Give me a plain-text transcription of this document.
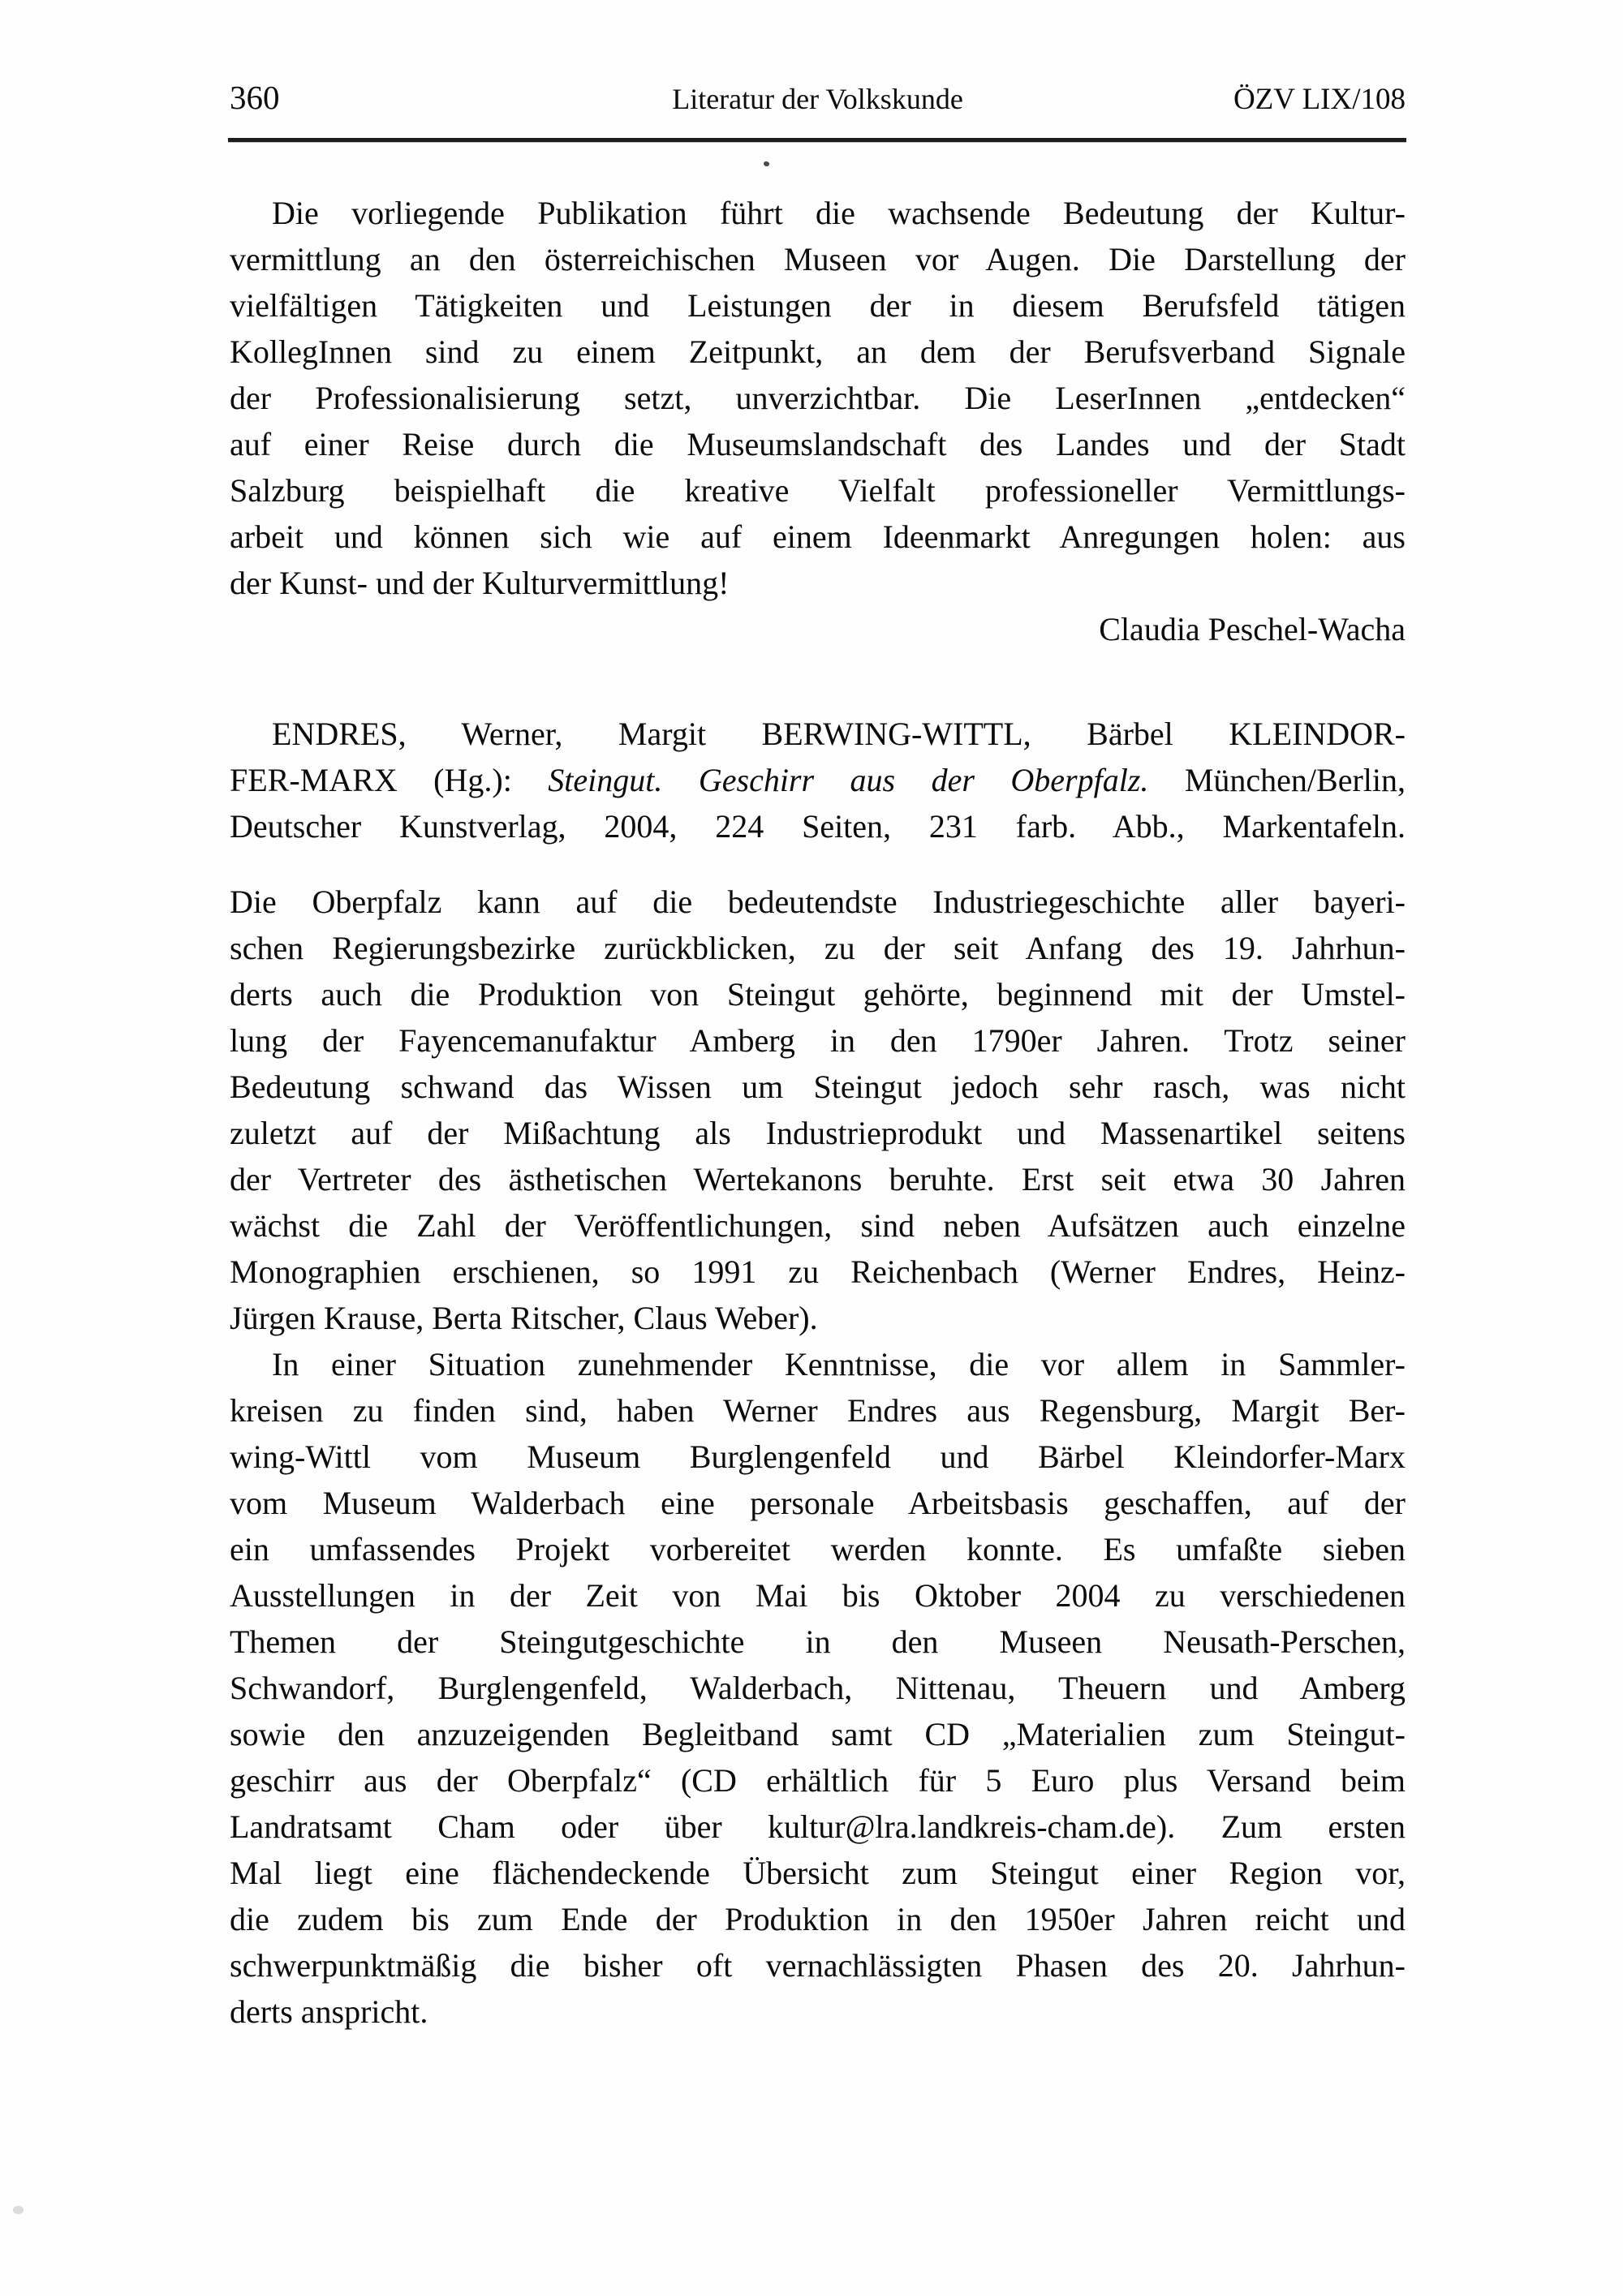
360	Literatur der Volkskunde	ÖZV LIX/108
Die vorliegende Publikation führt die wachsende Bedeutung der Kultur-
vermittlung an den österreichischen Museen vor Augen. Die Darstellung der
vielfältigen Tätigkeiten und Leistungen der in diesem Berufsfeld tätigen
KollegInnen sind zu einem Zeitpunkt, an dem der Berufsverband Signale
der Professionalisierung setzt, unverzichtbar. Die LeserInnen „entdecken“
auf einer Reise durch die Museumslandschaft des Landes und der Stadt
Salzburg beispielhaft die kreative Vielfalt professioneller Vermittlungs-
arbeit und können sich wie auf einem Ideenmarkt Anregungen holen: aus
der Kunst- und der Kulturvermittlung!
Claudia Peschel-Wacha
ENDRES, Werner, Margit BERWING-WITTL, Bärbel KLEINDOR-
FER-MARX (Hg.): Steingut. Geschirr aus der Oberpfalz. München/Berlin,
Deutscher Kunstverlag, 2004, 224 Seiten, 231 farb. Abb., Markentafeln.
Die Oberpfalz kann auf die bedeutendste Industriegeschichte aller bayeri-
schen Regierungsbezirke zurückblicken, zu der seit Anfang des 19. Jahrhun-
derts auch die Produktion von Steingut gehörte, beginnend mit der Umstel-
lung der Fayencemanufaktur Amberg in den 1790er Jahren. Trotz seiner
Bedeutung schwand das Wissen um Steingut jedoch sehr rasch, was nicht
zuletzt auf der Mißachtung als Industrieprodukt und Massenartikel seitens
der Vertreter des ästhetischen Wertekanons beruhte. Erst seit etwa 30 Jahren
wächst die Zahl der Veröffentlichungen, sind neben Aufsätzen auch einzelne
Monographien erschienen, so 1991 zu Reichenbach (Werner Endres, Heinz-
Jürgen Krause, Berta Ritscher, Claus Weber).
In einer Situation zunehmender Kenntnisse, die vor allem in Sammler-
kreisen zu finden sind, haben Werner Endres aus Regensburg, Margit Ber-
wing-Wittl vom Museum Burglengenfeld und Bärbel Kleindorfer-Marx
vom Museum Walderbach eine personale Arbeitsbasis geschaffen, auf der
ein umfassendes Projekt vorbereitet werden konnte. Es umfaßte sieben
Ausstellungen in der Zeit von Mai bis Oktober 2004 zu verschiedenen
Themen der Steingutgeschichte in den Museen Neusath-Perschen,
Schwandorf, Burglengenfeld, Walderbach, Nittenau, Theuern und Amberg
sowie den anzuzeigenden Begleitband samt CD „Materialien zum Steingut-
geschirr aus der Oberpfalz“ (CD erhältlich für 5 Euro plus Versand beim
Landratsamt Cham oder über kultur@lra.landkreis-cham.de). Zum ersten
Mal liegt eine flächendeckende Übersicht zum Steingut einer Region vor,
die zudem bis zum Ende der Produktion in den 1950er Jahren reicht und
schwerpunktmäßig die bisher oft vernachlässigten Phasen des 20. Jahrhun-
derts anspricht.
